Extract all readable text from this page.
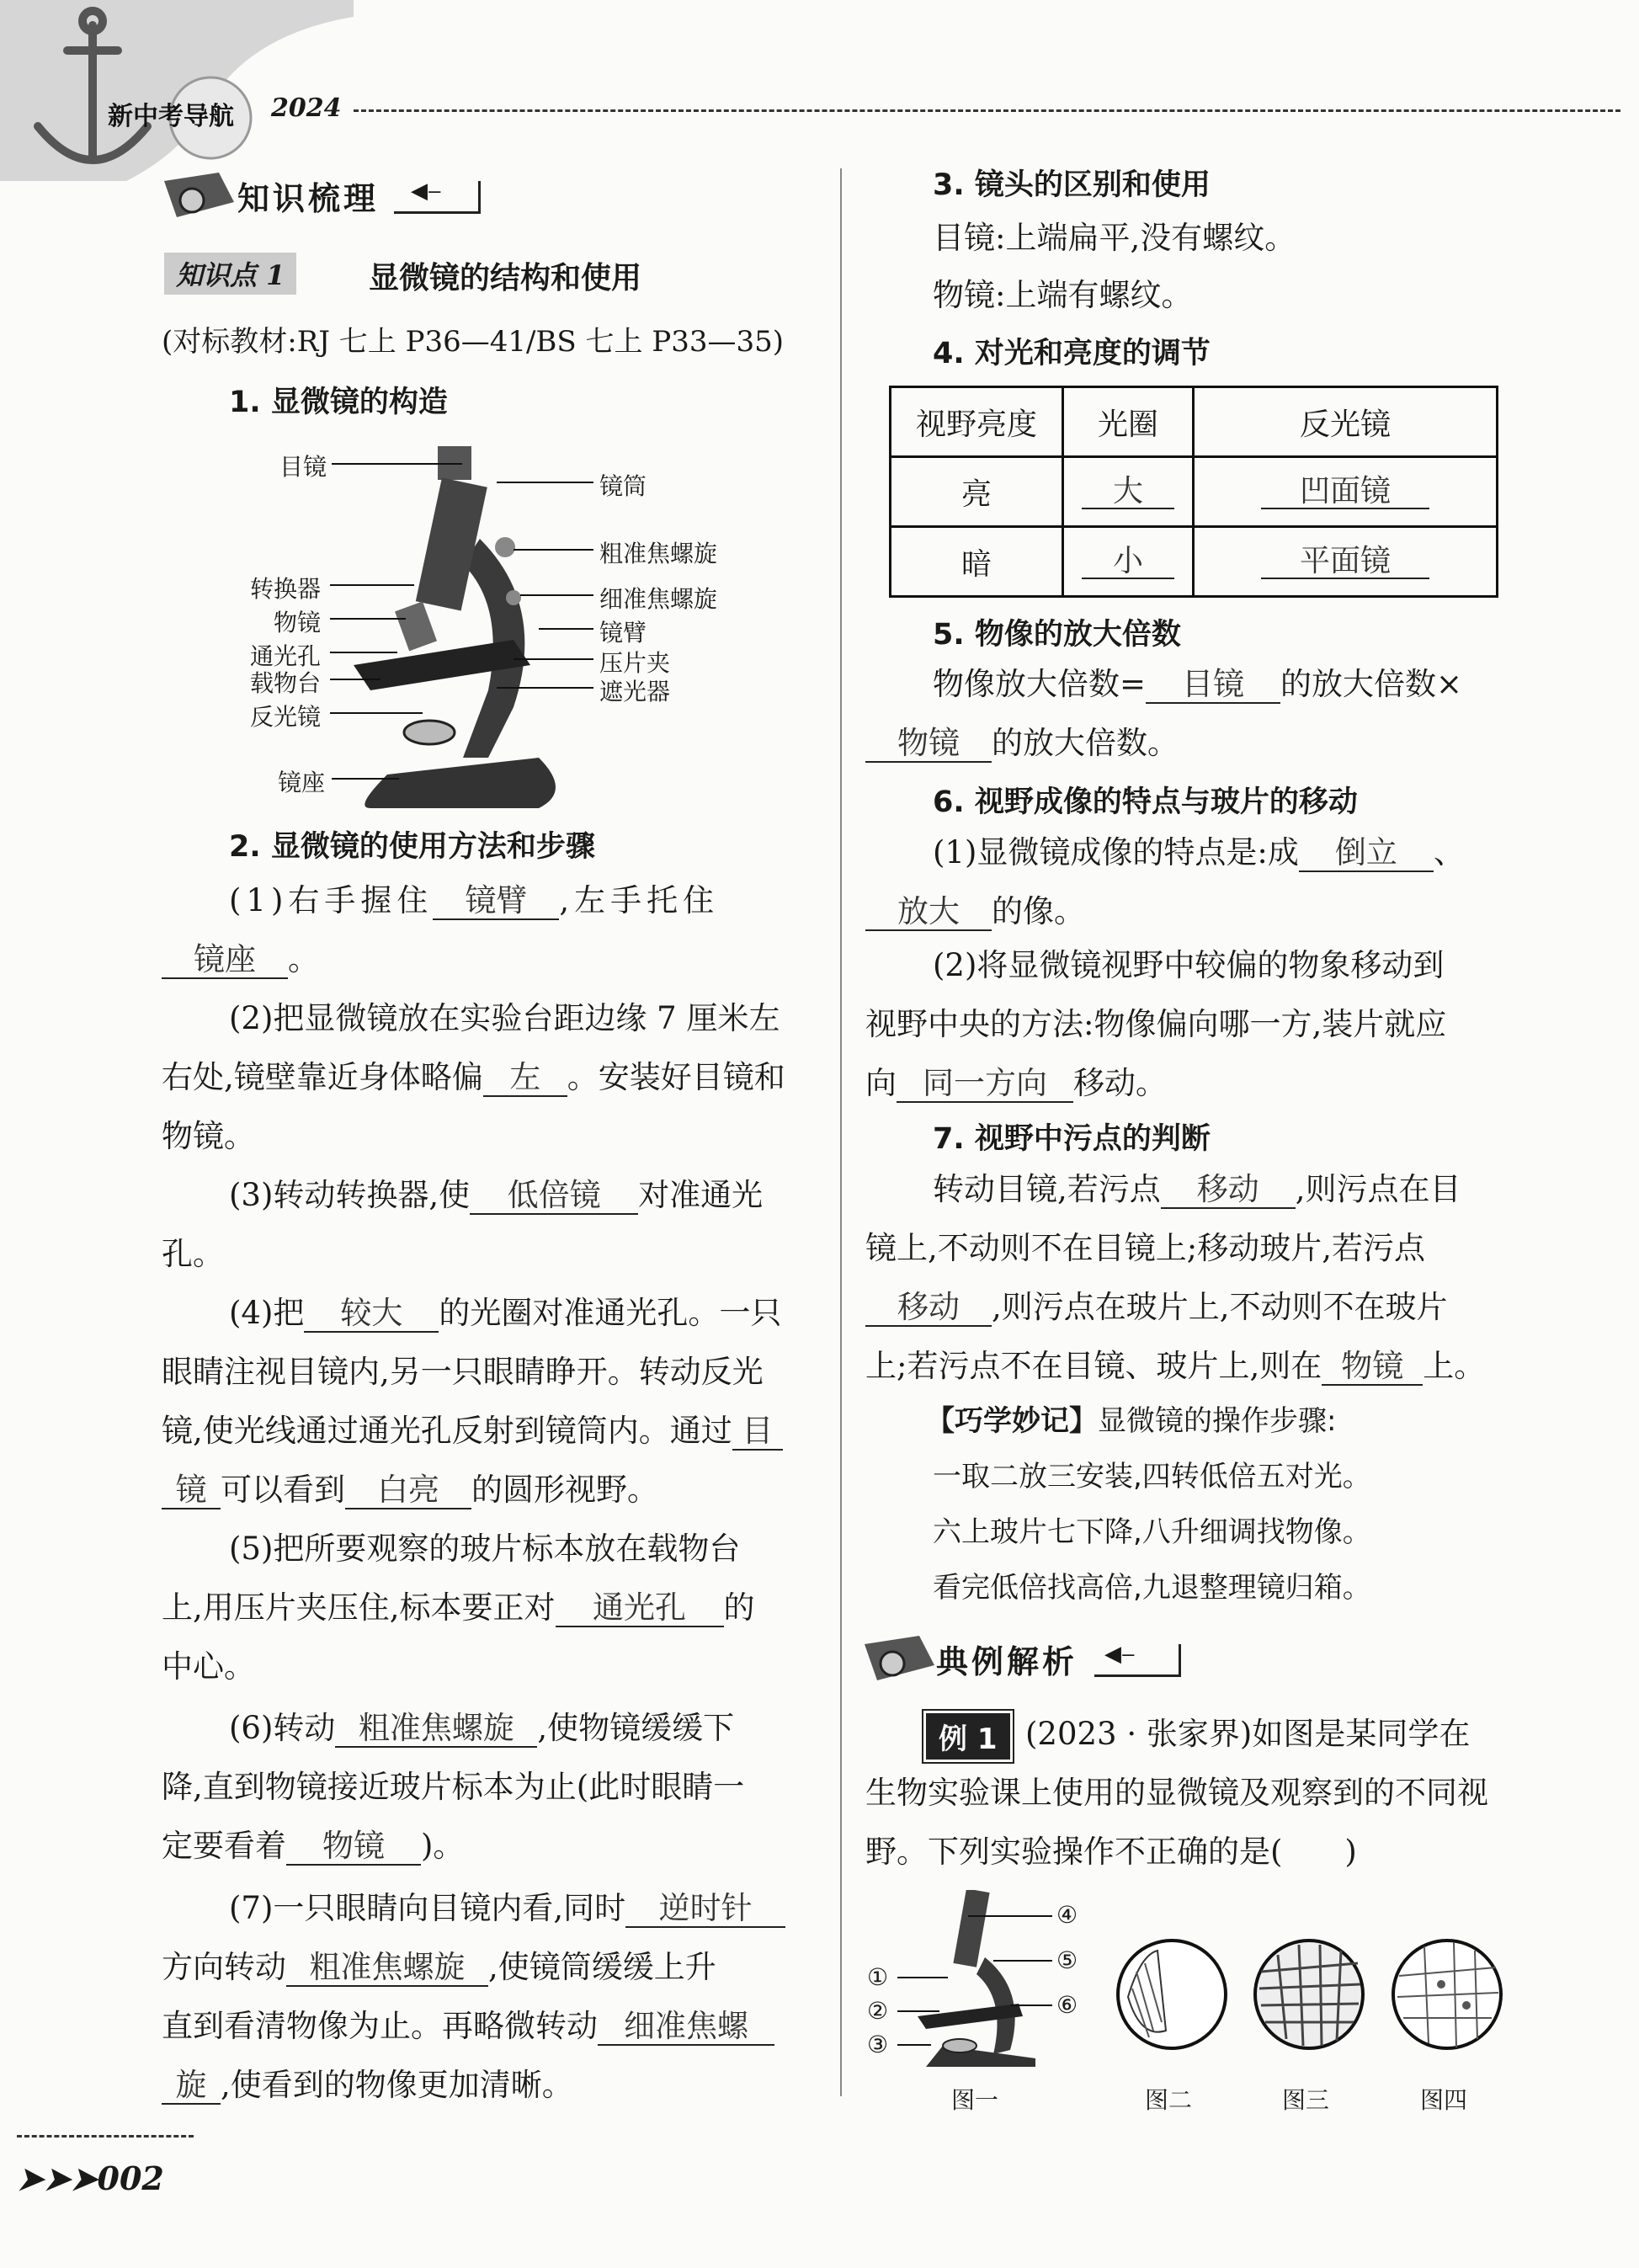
新中考导航 2024
知识梳理 ◀‒
知识点 1	显微镜的结构和使用
(对标教材:RJ 七上 P36—41/BS 七上 P33—35)
1. 显微镜的构造
目镜
转换器
物镜
通光孔
载物台
反光镜
镜座
镜筒
粗准焦螺旋
细准焦螺旋
镜臂
压片夹
遮光器
2. 显微镜的使用方法和步骤
(1)右手握住 镜臂 ,左手托住
镜座 。
(2)把显微镜放在实验台距边缘 7 厘米左
右处,镜壁靠近身体略偏 左 。安装好目镜和
物镜。
(3)转动转换器,使 低倍镜 对准通光
孔。
(4)把 较大 的光圈对准通光孔。一只
眼睛注视目镜内,另一只眼睛睁开。转动反光
镜,使光线通过通光孔反射到镜筒内。通过 目
镜 可以看到 白亮 的圆形视野。
(5)把所要观察的玻片标本放在载物台
上,用压片夹压住,标本要正对 通光孔 的
中心。
(6)转动 粗准焦螺旋 ,使物镜缓缓下
降,直到物镜接近玻片标本为止(此时眼睛一
定要看着 物镜 )。
(7)一只眼睛向目镜内看,同时 逆时针
方向转动 粗准焦螺旋 ,使镜筒缓缓上升
直到看清物像为止。再略微转动 细准焦螺
旋 ,使看到的物像更加清晰。
3. 镜头的区别和使用
目镜:上端扁平,没有螺纹。
物镜:上端有螺纹。
4. 对光和亮度的调节
视野亮度	光圈	反光镜
亮	大	凹面镜
暗	小	平面镜
5. 物像的放大倍数
物像放大倍数= 目镜 的放大倍数×
物镜 的放大倍数。
6. 视野成像的特点与玻片的移动
(1)显微镜成像的特点是:成 倒立 、
放大 的像。
(2)将显微镜视野中较偏的物象移动到
视野中央的方法:物像偏向哪一方,装片就应
向 同一方向 移动。
7. 视野中污点的判断
转动目镜,若污点 移动 ,则污点在目
镜上,不动则不在目镜上;移动玻片,若污点
移动 ,则污点在玻片上,不动则不在玻片
上;若污点不在目镜、玻片上,则在 物镜 上。
【巧学妙记】显微镜的操作步骤:
一取二放三安装,四转低倍五对光。
六上玻片七下降,八升细调找物像。
看完低倍找高倍,九退整理镜归箱。
典例解析 ◀‒
例 1 (2023 · 张家界)如图是某同学在
生物实验课上使用的显微镜及观察到的不同视
野。下列实验操作不正确的是(　　)
④
⑤
⑥
①
②
③
图一	图二	图三	图四
➤➤➤002
